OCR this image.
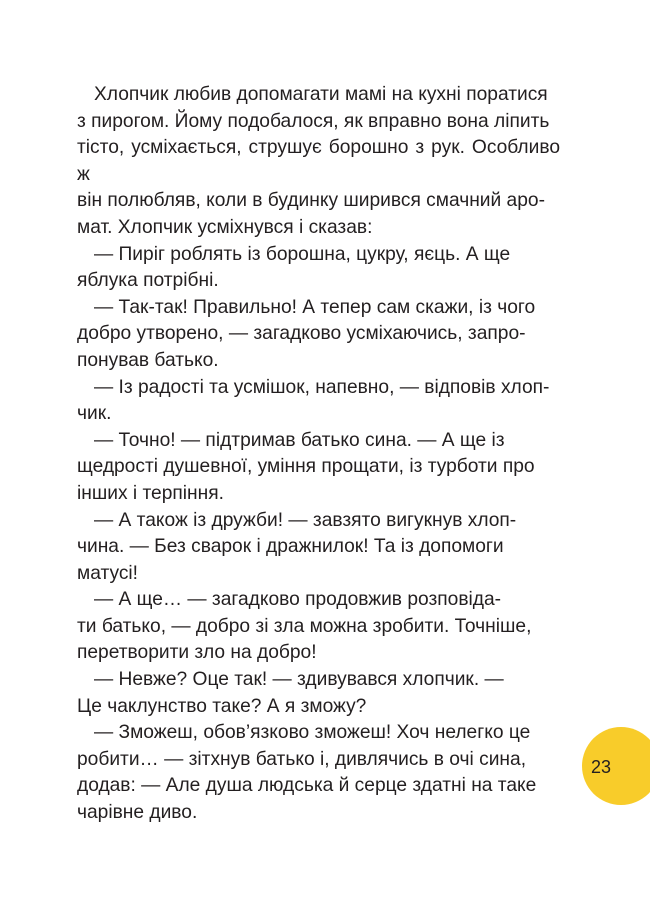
Хлопчик любив допомагати мамі на кухні поратися
з пирогом. Йому подобалося, як вправно вона ліпить
тісто, усміхається, струшує борошно з рук. Особливо ж
він полюбляв, коли в будинку ширився смачний аро-
мат. Хлопчик усміхнувся і сказав:

— Пиріг роблять із борошна, цукру, яєць. А ще
яблука потрібні.

— Так-так! Правильно! А тепер сам скажи, із чого
добро утворено, — загадково усміхаючись, запро-
понував батько.

— Із радості та усмішок, напевно, — відповів хлоп-
чик.

— Точно! — підтримав батько сина. — А ще із
щедрості душевної, уміння прощати, із турботи про
інших і терпіння.

— А також із дружби! — завзято вигукнув хлоп-
чина. — Без сварок і дражнилок! Та із допомоги
матусі!

— А ще… — загадково продовжив розповіда-
ти батько, — добро зі зла можна зробити. Точніше,
перетворити зло на добро!

— Невже? Оце так! — здивувався хлопчик. —
Це чаклунство таке? А я зможу?

— Зможеш, обов’язково зможеш! Хоч нелегко це
робити… — зітхнув батько і, дивлячись в очі сина,
додав: — Але душа людська й серце здатні на таке
чарівне диво.

23
